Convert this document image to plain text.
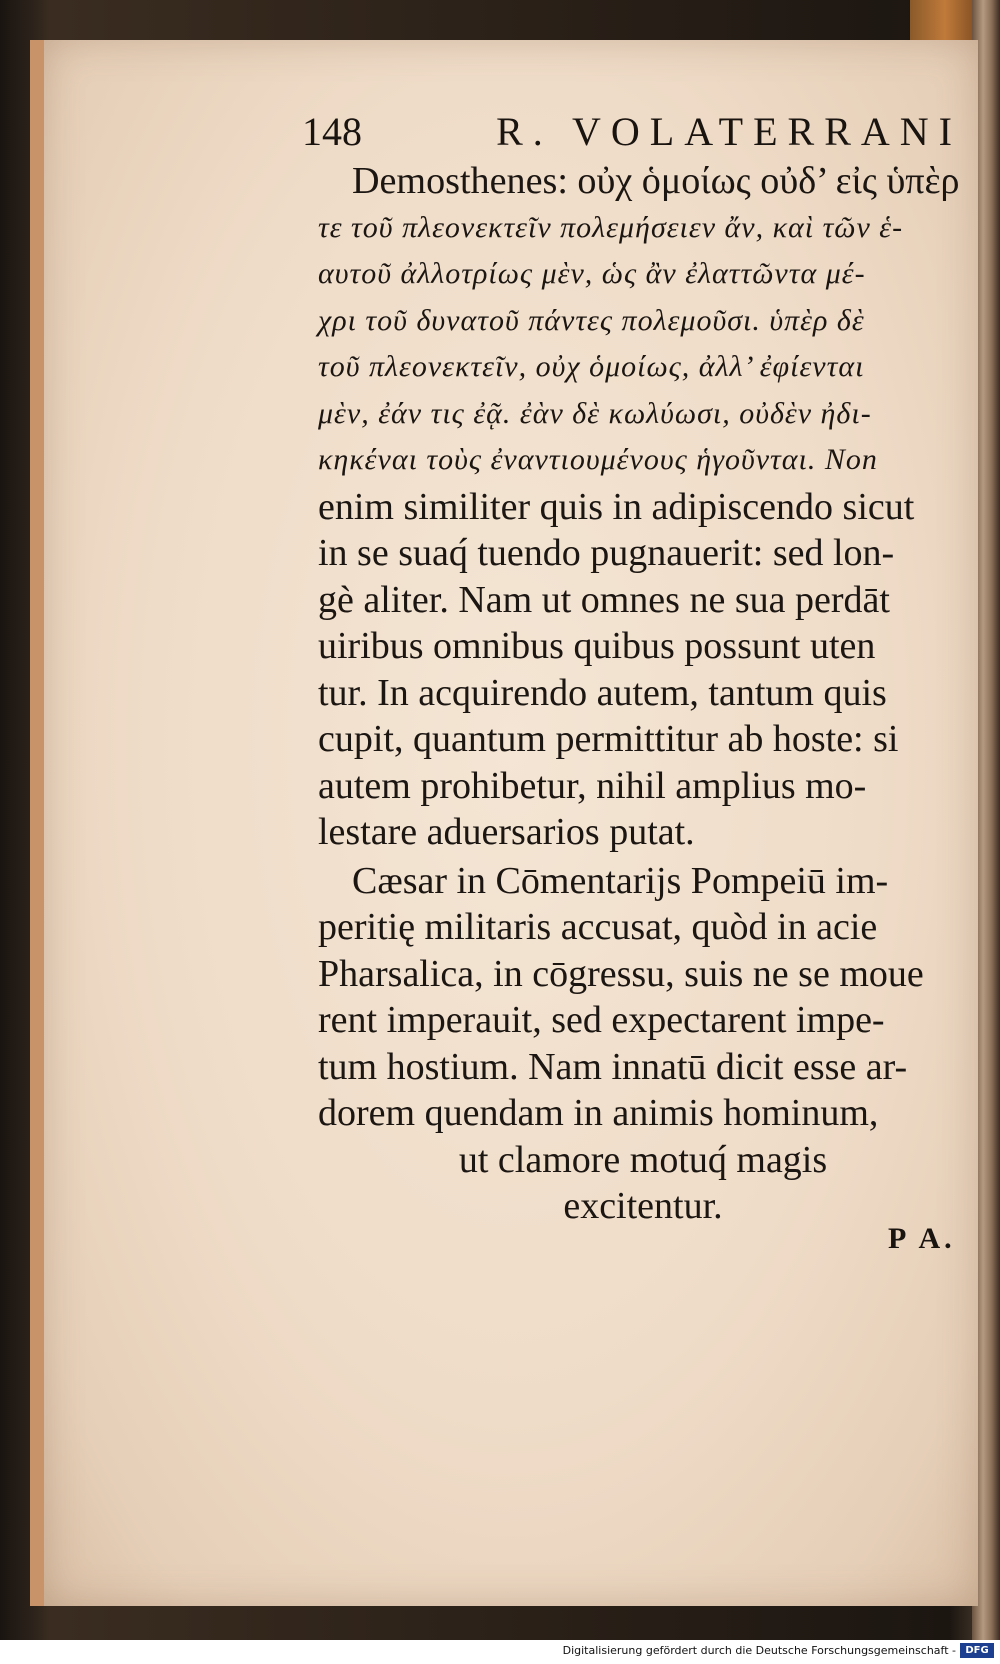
148	R. VOLATERRANI
Demosthenes: οὐχ ὁμοίως οὐδ’ εἰς ὑπὲρ
τε τοῦ πλεονεκτεῖν πολεμήσειεν ἄν, καὶ τῶν ἑ-
αυτοῦ ἀλλοτρίως μὲν, ὡς ἂν ἐλαττῶντα μέ-
χρι τοῦ δυνατοῦ πάντες πολεμοῦσι. ὑπὲρ δὲ
τοῦ πλεονεκτεῖν, οὐχ ὁμοίως, ἀλλ’ ἐφίενται
μὲν, ἐάν τις ἐᾷ. ἐὰν δὲ κωλύωσι, οὐδὲν ἠδι-
κηκέναι τοὺς ἐναντιουμένους ἡγοῦνται. Non
enim similiter quis in adipiscendo sicut
in se suaq́ tuendo pugnauerit: sed lon-
gè aliter. Nam ut omnes ne sua perdāt
uiribus omnibus quibus possunt uten
tur. In acquirendo autem, tantum quis
cupit, quantum permittitur ab hoste: si
autem prohibetur, nihil amplius mo-
lestare aduersarios putat.
Cæsar in Cōmentarijs Pompeiū im-
peritię militaris accusat, quòd in acie
Pharsalica, in cōgressu, suis ne se moue
rent imperauit, sed expectarent impe-
tum hostium. Nam innatū dicit esse ar-
dorem quendam in animis hominum,
ut clamore motuq́ magis
excitentur.
P A.
Digitalisierung gefördert durch die Deutsche Forschungsgemeinschaft - DFG
